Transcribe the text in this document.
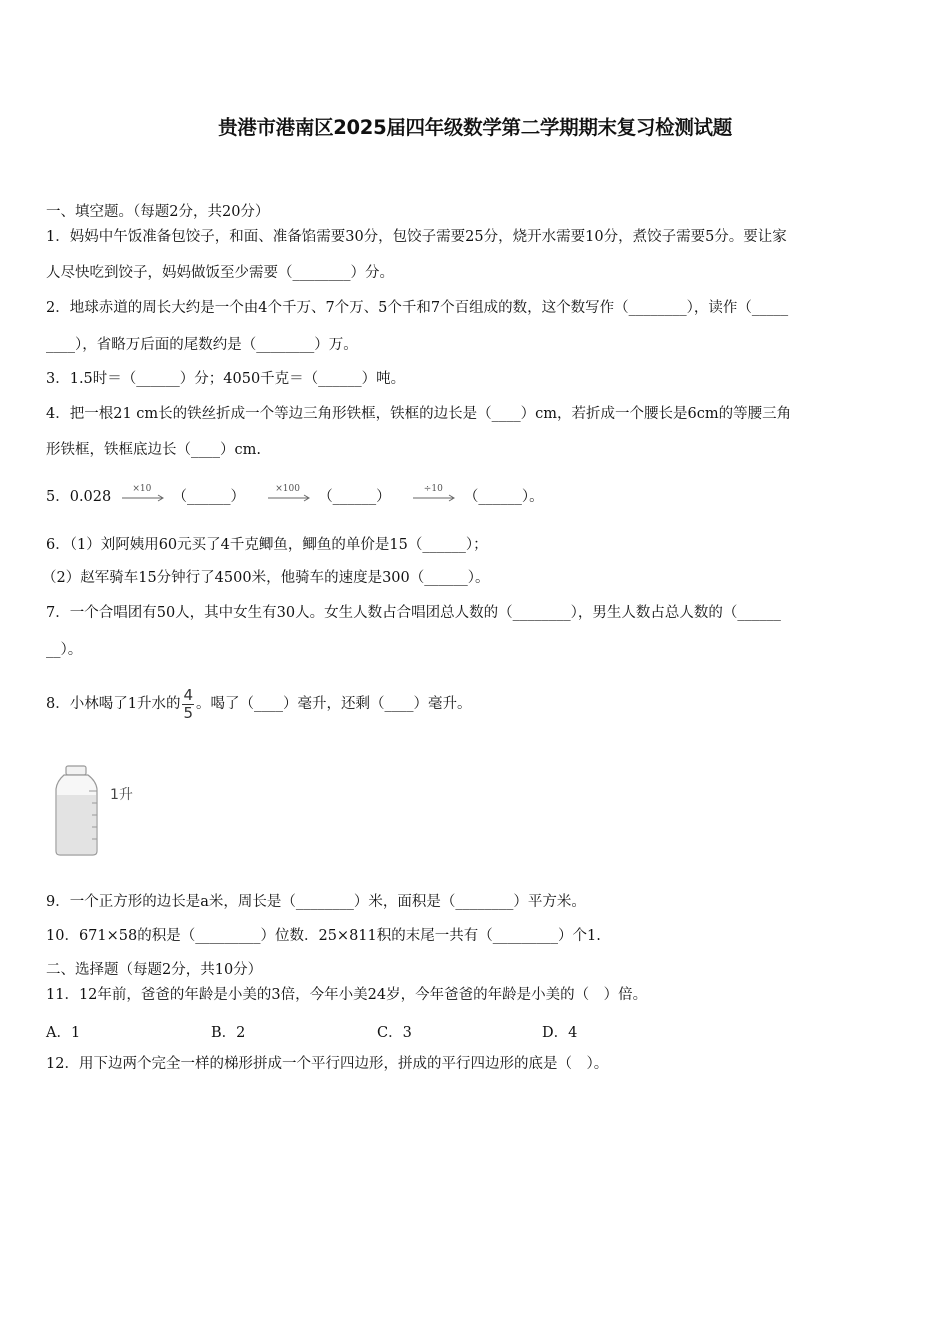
贵港市港南区2025届四年级数学第二学期期末复习检测试题
一、填空题。（每题2分，共20分）
1．妈妈中午饭准备包饺子，和面、准备馅需要30分，包饺子需要25分，烧开水需要10分，煮饺子需要5分。要让家
人尽快吃到饺子，妈妈做饭至少需要（________）分。
2．地球赤道的周长大约是一个由4个千万、7个万、5个千和7个百组成的数，这个数写作（________），读作（_____
____），省略万后面的尾数约是（________）万。
3．1.5时＝（______）分；4050千克＝（______）吨。
4．把一根21 cm长的铁丝折成一个等边三角形铁框，铁框的边长是（____）cm，若折成一个腰长是6cm的等腰三角
形铁框，铁框底边长（____）cm.
5．0.028	×10	（______）	×100	（______）	÷10	（______）。
6．（1）刘阿姨用60元买了4千克鲫鱼，鲫鱼的单价是15（______）；
（2）赵军骑车15分钟行了4500米，他骑车的速度是300（______）。
7．一个合唱团有50人，其中女生有30人。女生人数占合唱团总人数的（________），男生人数占总人数的（______
__）。
8．小林喝了1升水的 $\frac{4}{5}$ 。喝了（____）毫升，还剩（____）毫升。
1升
9．一个正方形的边长是a米，周长是（________）米，面积是（________）平方米。
10．671×58的积是（_________）位数．25×811积的末尾一共有（_________）个1.
二、选择题（每题2分，共10分）
11．12年前，爸爸的年龄是小美的3倍，今年小美24岁，今年爸爸的年龄是小美的（　）倍。
A．1	B．2	C．3	D．4
12．用下边两个完全一样的梯形拼成一个平行四边形，拼成的平行四边形的底是（　）。
